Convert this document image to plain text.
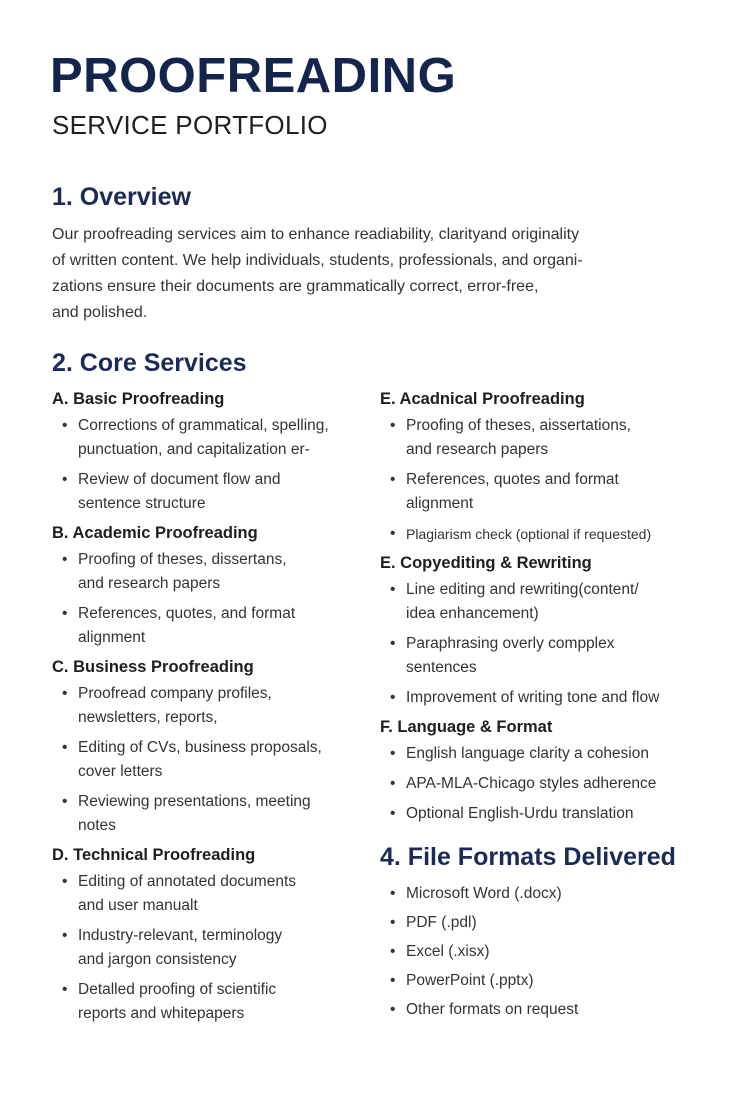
PROOFREADING
SERVICE PORTFOLIO
1. Overview

Our proofreading services aim to enhance readiability, clarityand originality
of written content. We help individuals, students, professionals, and organi-
zations ensure their documents are grammatically correct, error-free,
and polished.

2. Core Services
A. Basic Proofreading
• Corrections of grammatical, spelling,
punctuation, and capitalization er-
• Review of document flow and
sentence structure
B. Academic Proofreading
• Proofing of theses, dissertans,
and research papers
• References, quotes, and format
alignment
C. Business Proofreading
• Proofread company profiles,
newsletters, reports,
• Editing of CVs, business proposals,
cover letters
• Reviewing presentations, meeting
notes
D. Technical Proofreading
• Editing of annotated documents
and user manualt
• Industry-relevant, terminology
and jargon consistency
• Detalled proofing of scientific
reports and whitepapers
E. Acadnical Proofreading
• Proofing of theses, aissertations,
and research papers
• References, quotes and format
alignment
• Plagiarism check (optional if requested)
E. Copyediting & Rewriting
• Line editing and rewriting(content/
idea enhancement)
• Paraphrasing overly compplex
sentences
• Improvement of writing tone and flow
F. Language & Format
• English language clarity a cohesion
• APA-MLA-Chicago styles adherence
• Optional English-Urdu translation
4. File Formats Delivered
• Microsoft Word (.docx)
• PDF (.pdl)
• Excel (.xisx)
• PowerPoint (.pptx)
• Other formats on request
